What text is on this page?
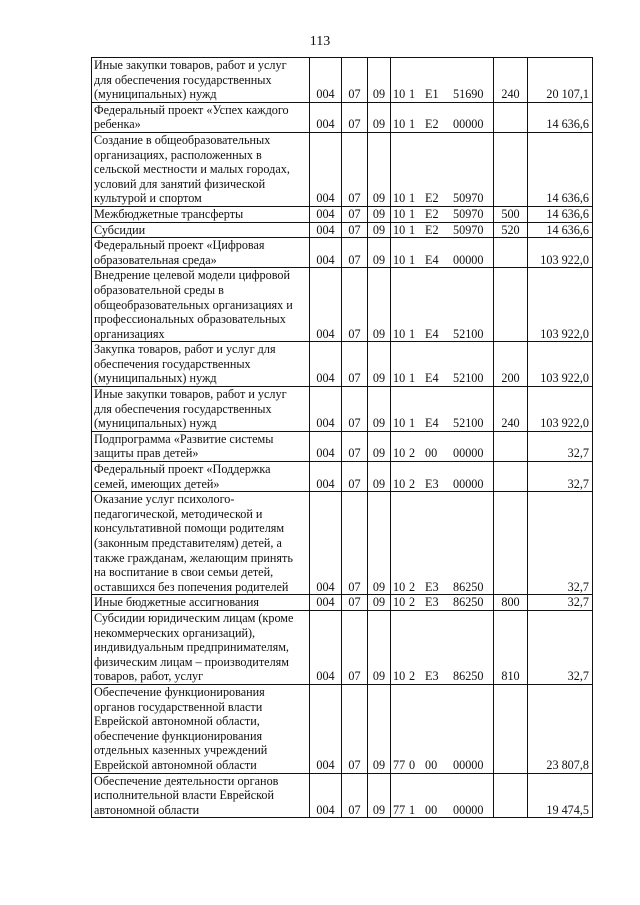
113
Иные закупки товаров, работ и услуг для обеспечения государственных (муниципальных) нужд	004	07	09	10 1 E1 51690	240	20 107,1
Федеральный проект «Успех каждого ребенка»	004	07	09	10 1 E2 00000		14 636,6
Создание в общеобразовательных организациях, расположенных в сельской местности и малых городах, условий для занятий физической культурой и спортом	004	07	09	10 1 E2 50970		14 636,6
Межбюджетные трансферты	004	07	09	10 1 E2 50970	500	14 636,6
Субсидии	004	07	09	10 1 E2 50970	520	14 636,6
Федеральный проект «Цифровая образовательная среда»	004	07	09	10 1 E4 00000		103 922,0
Внедрение целевой модели цифровой образовательной среды в общеобразовательных организациях и профессиональных образовательных организациях	004	07	09	10 1 E4 52100		103 922,0
Закупка товаров, работ и услуг для обеспечения государственных (муниципальных) нужд	004	07	09	10 1 E4 52100	200	103 922,0
Иные закупки товаров, работ и услуг для обеспечения государственных (муниципальных) нужд	004	07	09	10 1 E4 52100	240	103 922,0
Подпрограмма «Развитие системы защиты прав детей»	004	07	09	10 2 00 00000		32,7
Федеральный проект «Поддержка семей, имеющих детей»	004	07	09	10 2 E3 00000		32,7
Оказание услуг психолого-педагогической, методической и консультативной помощи родителям (законным представителям) детей, а также гражданам, желающим принять на воспитание в свои семьи детей, оставшихся без попечения родителей	004	07	09	10 2 E3 86250		32,7
Иные бюджетные ассигнования	004	07	09	10 2 E3 86250	800	32,7
Субсидии юридическим лицам (кроме некоммерческих организаций), индивидуальным предпринимателям, физическим лицам – производителям товаров, работ, услуг	004	07	09	10 2 E3 86250	810	32,7
Обеспечение функционирования органов государственной власти Еврейской автономной области, обеспечение функционирования отдельных казенных учреждений Еврейской автономной области	004	07	09	77 0 00 00000		23 807,8
Обеспечение деятельности органов исполнительной власти Еврейской автономной области	004	07	09	77 1 00 00000		19 474,5
